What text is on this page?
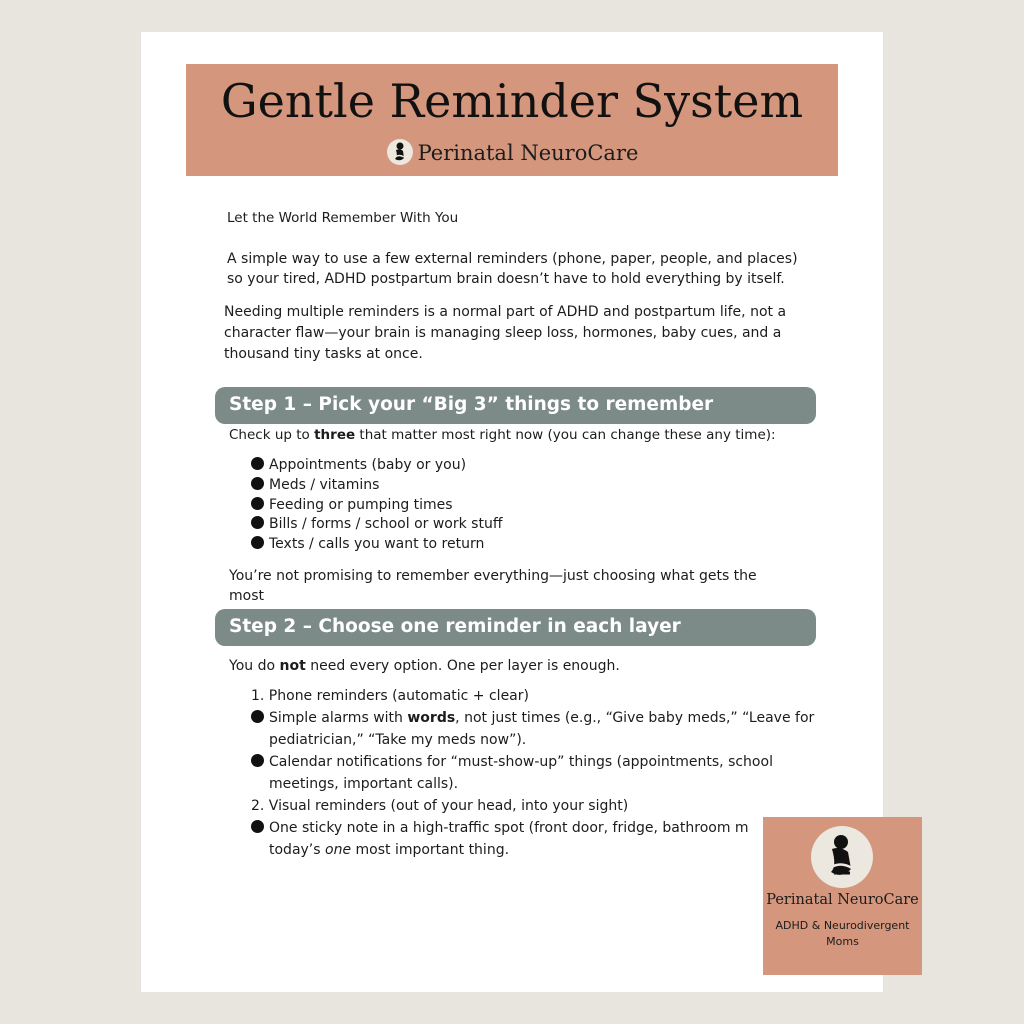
Gentle Reminder System
Perinatal NeuroCare
Let the World Remember With You
A simple way to use a few external reminders (phone, paper, people, and places)
so your tired, ADHD postpartum brain doesn’t have to hold everything by itself.
Needing multiple reminders is a normal part of ADHD and postpartum life, not a
character flaw—your brain is managing sleep loss, hormones, baby cues, and a
thousand tiny tasks at once.
Step 1 – Pick your “Big 3” things to remember
Check up to three that matter most right now (you can change these any time):
Appointments (baby or you)
Meds / vitamins
Feeding or pumping times
Bills / forms / school or work stuff
Texts / calls you want to return
You’re not promising to remember everything—just choosing what gets the
most
Step 2 – Choose one reminder in each layer
You do not need every option. One per layer is enough.
1. Phone reminders (automatic + clear)
Simple alarms with words, not just times (e.g., “Give baby meds,” “Leave for
pediatrician,” “Take my meds now”).
Calendar notifications for “must-show-up” things (appointments, school
meetings, important calls).
2. Visual reminders (out of your head, into your sight)
One sticky note in a high-traffic spot (front door, fridge, bathroom m
today’s one most important thing.
Perinatal NeuroCare
ADHD & Neurodivergent
Moms
